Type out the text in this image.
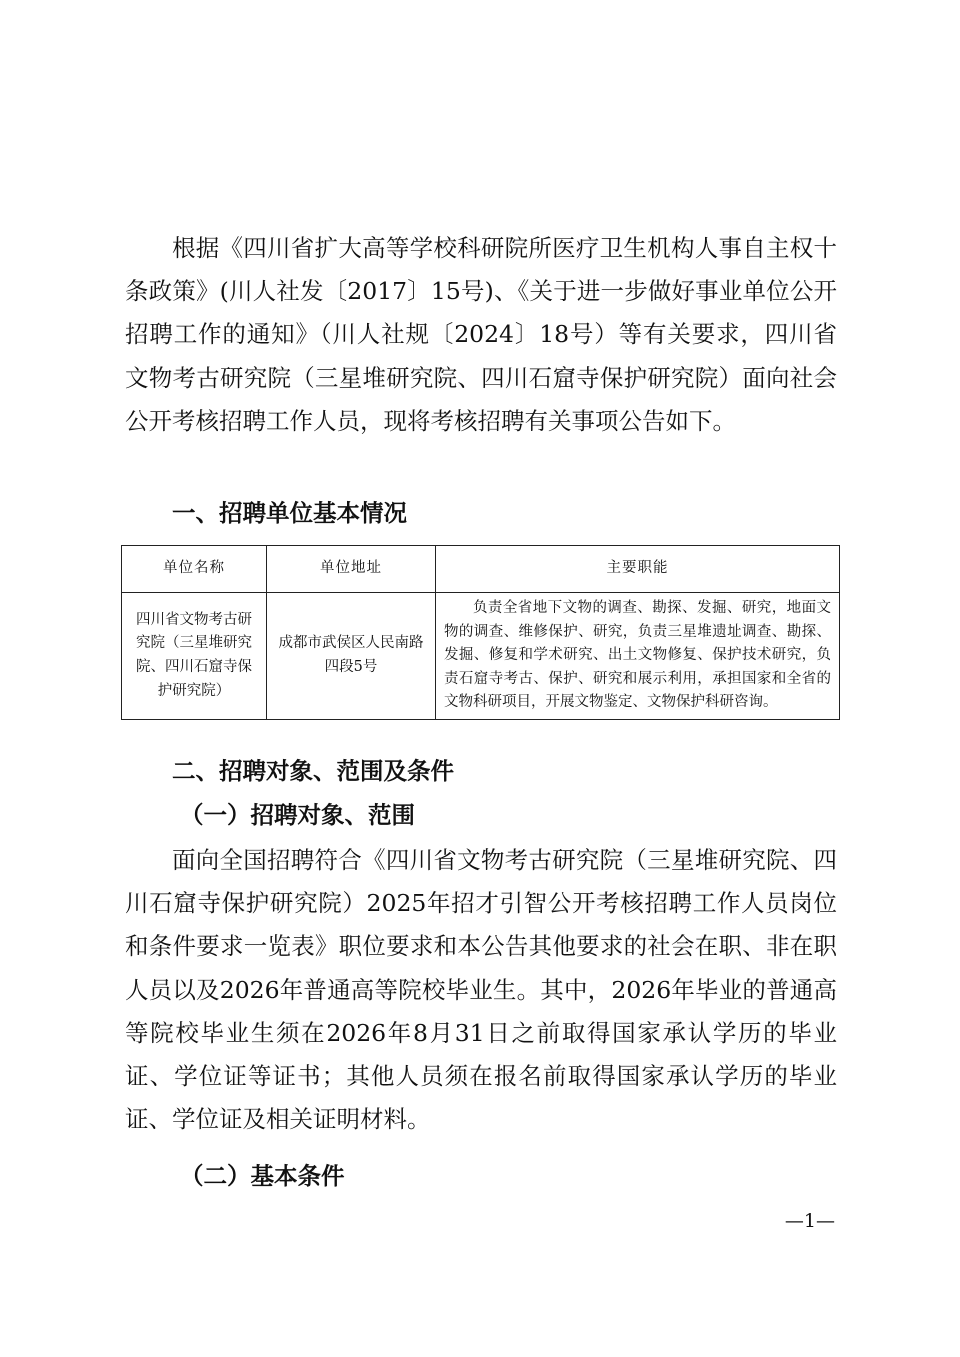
根据《四川省扩大高等学校科研院所医疗卫生机构人事自主权十条政策》(川人社发〔2017〕15号)、《关于进一步做好事业单位公开招聘工作的通知》（川人社规〔2024〕18号）等有关要求，四川省文物考古研究院（三星堆研究院、四川石窟寺保护研究院）面向社会公开考核招聘工作人员，现将考核招聘有关事项公告如下。

一、招聘单位基本情况
单位名称	单位地址	主要职能
四川省文物考古研究院（三星堆研究院、四川石窟寺保护研究院）	成都市武侯区人民南路四段5号	负责全省地下文物的调查、勘探、发掘、研究，地面文物的调查、维修保护、研究，负责三星堆遗址调查、勘探、发掘、修复和学术研究、出土文物修复、保护技术研究，负责石窟寺考古、保护、研究和展示利用，承担国家和全省的文物科研项目，开展文物鉴定、文物保护科研咨询。
二、招聘对象、范围及条件
（一）招聘对象、范围

面向全国招聘符合《四川省文物考古研究院（三星堆研究院、四川石窟寺保护研究院）2025年招才引智公开考核招聘工作人员岗位和条件要求一览表》职位要求和本公告其他要求的社会在职、非在职人员以及2026年普通高等院校毕业生。其中，2026年毕业的普通高等院校毕业生须在2026年8月31日之前取得国家承认学历的毕业证、学位证等证书；其他人员须在报名前取得国家承认学历的毕业证、学位证及相关证明材料。

（二）基本条件
—1—
